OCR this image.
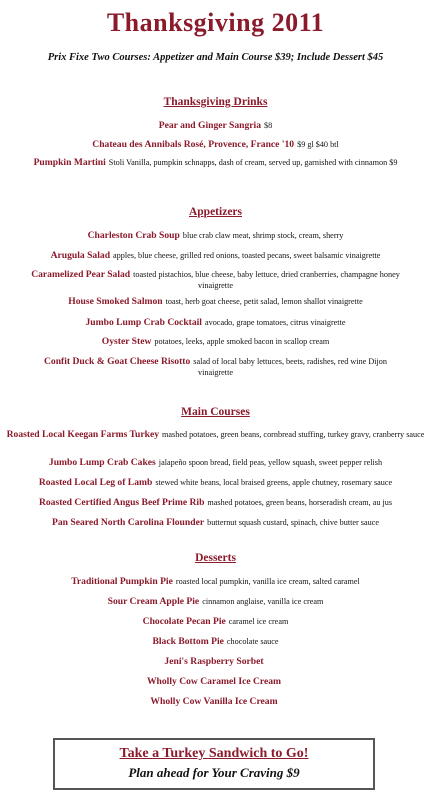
Thanksgiving 2011
Prix Fixe Two Courses: Appetizer and Main Course $39; Include Dessert $45
Thanksgiving Drinks
Pear and Ginger Sangria $8
Chateau des Annibals Rosé, Provence, France '10 $9 gl $40 btl
Pumpkin Martini Stoli Vanilla, pumpkin schnapps, dash of cream, served up, garnished with cinnamon $9
Appetizers
Charleston Crab Soup blue crab claw meat, shrimp stock, cream, sherry
Arugula Salad apples, blue cheese, grilled red onions, toasted pecans, sweet balsamic vinaigrette
Caramelized Pear Salad toasted pistachios, blue cheese, baby lettuce, dried cranberries, champagne honey vinaigrette
House Smoked Salmon toast, herb goat cheese, petit salad, lemon shallot vinaigrette
Jumbo Lump Crab Cocktail avocado, grape tomatoes, citrus vinaigrette
Oyster Stew potatoes, leeks, apple smoked bacon in scallop cream
Confit Duck & Goat Cheese Risotto salad of local baby lettuces, beets, radishes, red wine Dijon vinaigrette
Main Courses
Roasted Local Keegan Farms Turkey mashed potatoes, green beans, cornbread stuffing, turkey gravy, cranberry sauce
Jumbo Lump Crab Cakes jalapeño spoon bread, field peas, yellow squash, sweet pepper relish
Roasted Local Leg of Lamb stewed white beans, local braised greens, apple chutney, rosemary sauce
Roasted Certified Angus Beef Prime Rib mashed potatoes, green beans, horseradish cream, au jus
Pan Seared North Carolina Flounder butternut squash custard, spinach, chive butter sauce
Desserts
Traditional Pumpkin Pie roasted local pumpkin, vanilla ice cream, salted caramel
Sour Cream Apple Pie cinnamon anglaise, vanilla ice cream
Chocolate Pecan Pie caramel ice cream
Black Bottom Pie chocolate sauce
Jeni's Raspberry Sorbet
Wholly Cow Caramel Ice Cream
Wholly Cow Vanilla Ice Cream
Take a Turkey Sandwich to Go!
Plan ahead for Your Craving $9
